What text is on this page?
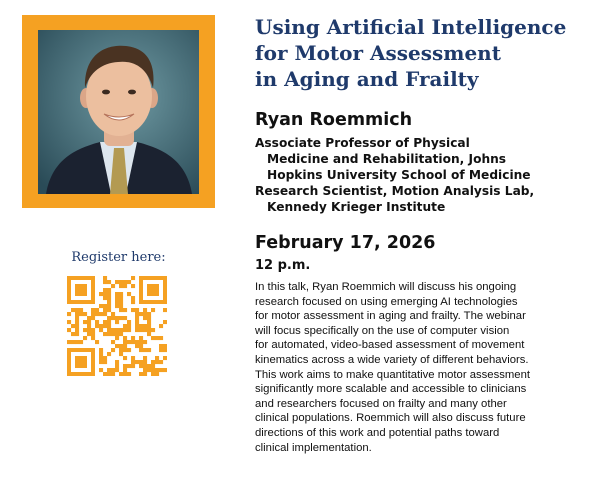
Register here:
Using Artificial Intelligence
for Motor Assessment
in Aging and Frailty
Ryan Roemmich
Associate Professor of Physical
Medicine and Rehabilitation, Johns
Hopkins University School of Medicine
Research Scientist, Motion Analysis Lab,
Kennedy Krieger Institute
February 17, 2026
12 p.m.
In this talk, Ryan Roemmich will discuss his ongoing
research focused on using emerging AI technologies
for motor assessment in aging and frailty. The webinar
will focus specifically on the use of computer vision
for automated, video-based assessment of movement
kinematics across a wide variety of different behaviors.
This work aims to make quantitative motor assessment
significantly more scalable and accessible to clinicians
and researchers focused on frailty and many other
clinical populations. Roemmich will also discuss future
directions of this work and potential paths toward
clinical implementation.
